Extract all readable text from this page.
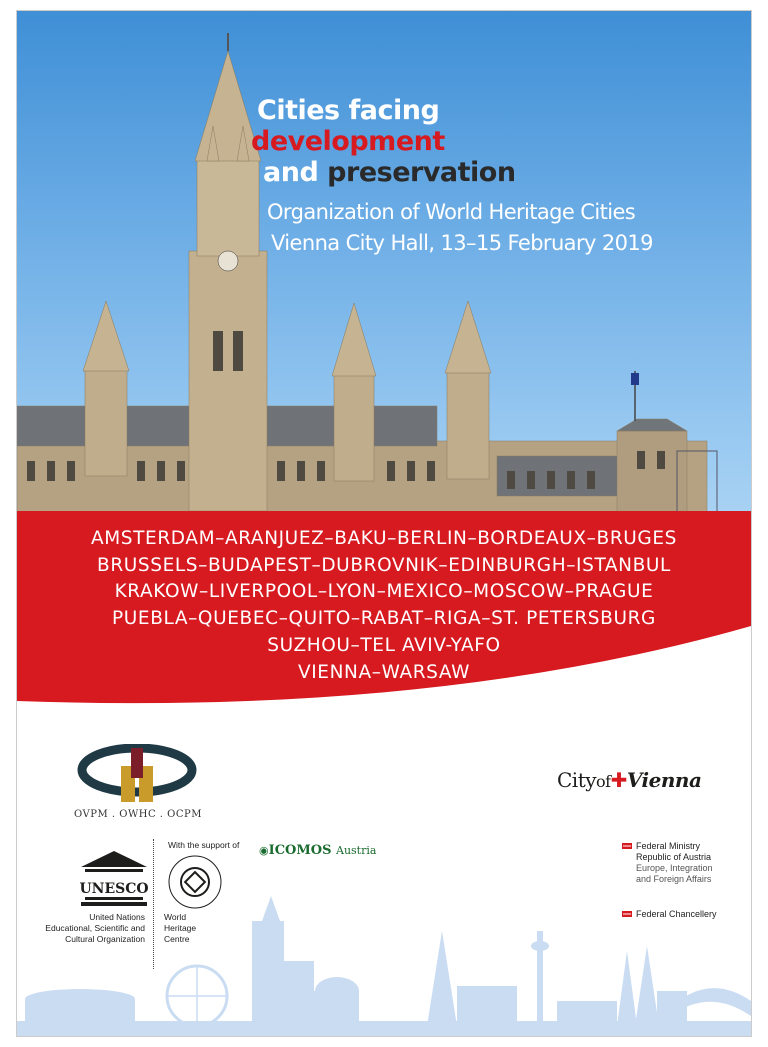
Cities facing
development
and preservation
Organization of World Heritage Cities
Vienna City Hall, 13–15 February 2019
AMSTERDAM–ARANJUEZ–BAKU–BERLIN–BORDEAUX–BRUGES
BRUSSELS–BUDAPEST–DUBROVNIK–EDINBURGH–ISTANBUL
KRAKOW–LIVERPOOL–LYON–MEXICO–MOSCOW–PRAGUE
PUEBLA–QUEBEC–QUITO–RABAT–RIGA–ST. PETERSBURG
SUZHOU–TEL AVIV-YAFO
VIENNA–WARSAW
OVPM . OWHC . OCPM
UNESCO
United Nations
Educational, Scientific and
Cultural Organization
With the support of
World
Heritage
Centre
◉ICOMOS Austria
Cityof✚Vienna
Federal Ministry
Republic of Austria
Europe, Integration
and Foreign Affairs
Federal Chancellery
